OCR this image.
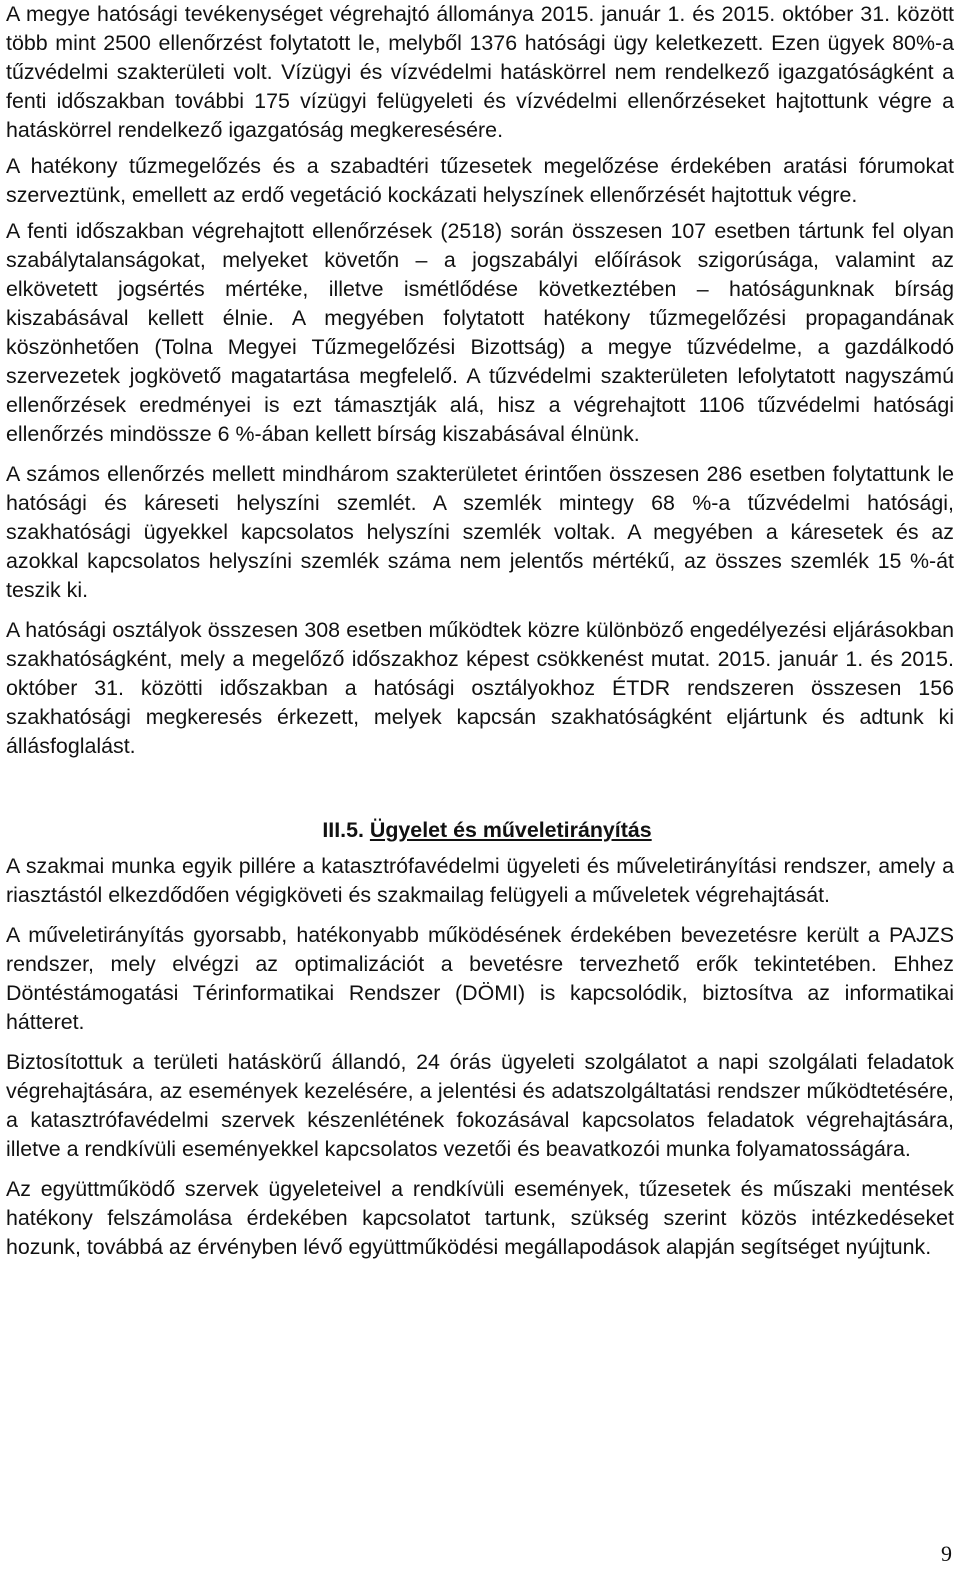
A megye hatósági tevékenységet végrehajtó állománya 2015. január 1. és 2015. október 31. között több mint 2500 ellenőrzést folytatott le, melyből 1376 hatósági ügy keletkezett. Ezen ügyek 80%-a tűzvédelmi szakterületi volt. Vízügyi és vízvédelmi hatáskörrel nem rendelkező igazgatóságként a fenti időszakban további 175 vízügyi felügyeleti és vízvédelmi ellenőrzéseket hajtottunk végre a hatáskörrel rendelkező igazgatóság megkeresésére.

A hatékony tűzmegelőzés és a szabadtéri tűzesetek megelőzése érdekében aratási fórumokat szerveztünk, emellett az erdő vegetáció kockázati helyszínek ellenőrzését hajtottuk végre.

A fenti időszakban végrehajtott ellenőrzések (2518) során összesen 107 esetben tártunk fel olyan szabálytalanságokat, melyeket követőn – a jogszabályi előírások szigorúsága, valamint az elkövetett jogsértés mértéke, illetve ismétlődése következtében – hatóságunknak bírság kiszabásával kellett élnie. A megyében folytatott hatékony tűzmegelőzési propagandának köszönhetően (Tolna Megyei Tűzmegelőzési Bizottság) a megye tűzvédelme, a gazdálkodó szervezetek jogkövető magatartása megfelelő. A tűzvédelmi szakterületen lefolytatott nagyszámú ellenőrzések eredményei is ezt támasztják alá, hisz a végrehajtott 1106 tűzvédelmi hatósági ellenőrzés mindössze 6 %-ában kellett bírság kiszabásával élnünk.

A számos ellenőrzés mellett mindhárom szakterületet érintően összesen 286 esetben folytattunk le hatósági és káreseti helyszíni szemlét. A szemlék mintegy 68 %-a tűzvédelmi hatósági, szakhatósági ügyekkel kapcsolatos helyszíni szemlék voltak. A megyében a káresetek és az azokkal kapcsolatos helyszíni szemlék száma nem jelentős mértékű, az összes szemlék 15 %-át teszik ki.

A hatósági osztályok összesen 308 esetben működtek közre különböző engedélyezési eljárásokban szakhatóságként, mely a megelőző időszakhoz képest csökkenést mutat. 2015. január 1. és 2015. október 31. közötti időszakban a hatósági osztályokhoz ÉTDR rendszeren összesen 156 szakhatósági megkeresés érkezett, melyek kapcsán szakhatóságként eljártunk és adtunk ki állásfoglalást.

III.5. Ügyelet és műveletirányítás

A szakmai munka egyik pillére a katasztrófavédelmi ügyeleti és műveletirányítási rendszer, amely a riasztástól elkezdődően végigköveti és szakmailag felügyeli a műveletek végrehajtását.

A műveletirányítás gyorsabb, hatékonyabb működésének érdekében bevezetésre került a PAJZS rendszer, mely elvégzi az optimalizációt a bevetésre tervezhető erők tekintetében. Ehhez Döntéstámogatási Térinformatikai Rendszer (DÖMI) is kapcsolódik, biztosítva az informatikai hátteret.

Biztosítottuk a területi hatáskörű állandó, 24 órás ügyeleti szolgálatot a napi szolgálati feladatok végrehajtására, az események kezelésére, a jelentési és adatszolgáltatási rendszer működtetésére, a katasztrófavédelmi szervek készenlétének fokozásával kapcsolatos feladatok végrehajtására, illetve a rendkívüli eseményekkel kapcsolatos vezetői és beavatkozói munka folyamatosságára.

Az együttműködő szervek ügyeleteivel a rendkívüli események, tűzesetek és műszaki mentések hatékony felszámolása érdekében kapcsolatot tartunk, szükség szerint közös intézkedéseket hozunk, továbbá az érvényben lévő együttműködési megállapodások alapján segítséget nyújtunk.

9
